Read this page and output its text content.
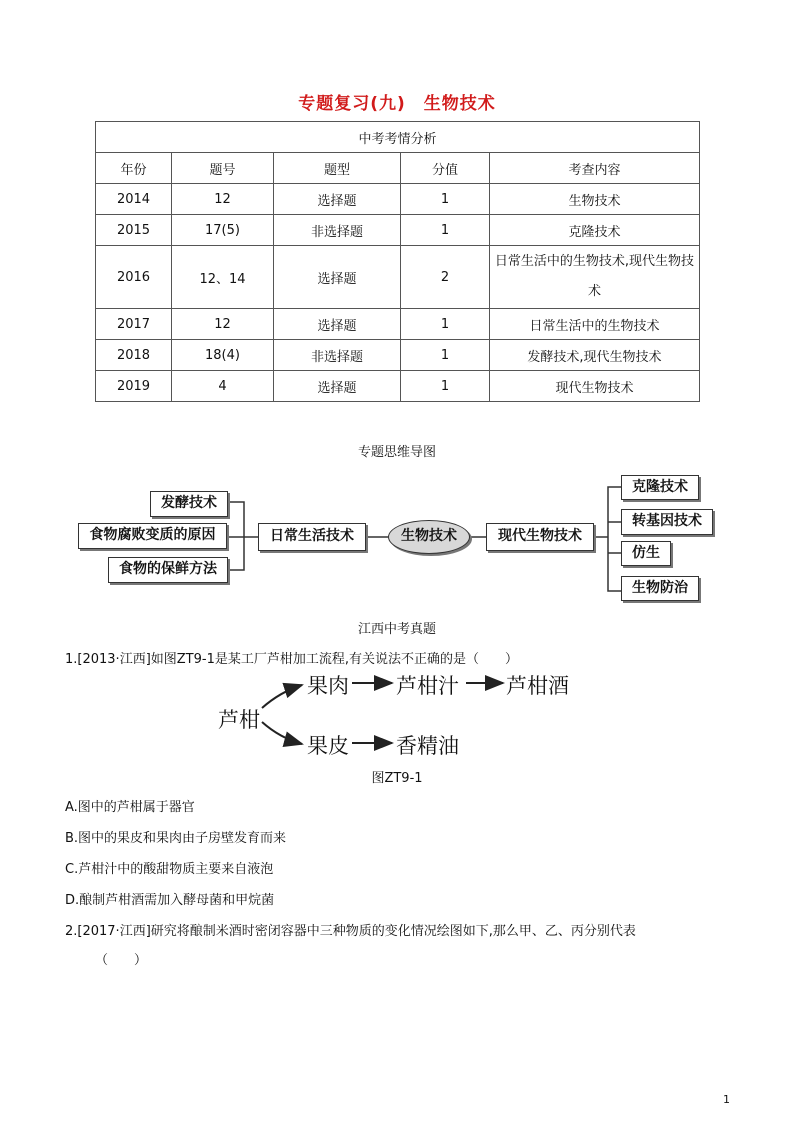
专题复习(九)　生物技术
中考考情分析				
年份	题号	题型	分值	考查内容
2014	12	选择题	1	生物技术
2015	17(5)	非选择题	1	克隆技术
2016	12、14	选择题	2	日常生活中的生物技术,现代生物技术
2017	12	选择题	1	日常生活中的生物技术
2018	18(4)	非选择题	1	发酵技术,现代生物技术
2019	4	选择题	1	现代生物技术
专题思维导图
发酵技术
食物腐败变质的原因
食物的保鲜方法
日常生活技术	生物技术	现代生物技术
克隆技术
转基因技术
仿生
生物防治
江西中考真题
1.[2013·江西]如图ZT9-1是某工厂芦柑加工流程,有关说法不正确的是（　　）
芦柑
果肉 芦柑汁 芦柑酒
果皮 香精油
图ZT9-1
A.图中的芦柑属于器官
B.图中的果皮和果肉由子房壁发育而来
C.芦柑汁中的酸甜物质主要来自液泡
D.酿制芦柑酒需加入酵母菌和甲烷菌
2.[2017·江西]研究将酿制米酒时密闭容器中三种物质的变化情况绘图如下,那么甲、乙、丙分别代表
（　　）
1
